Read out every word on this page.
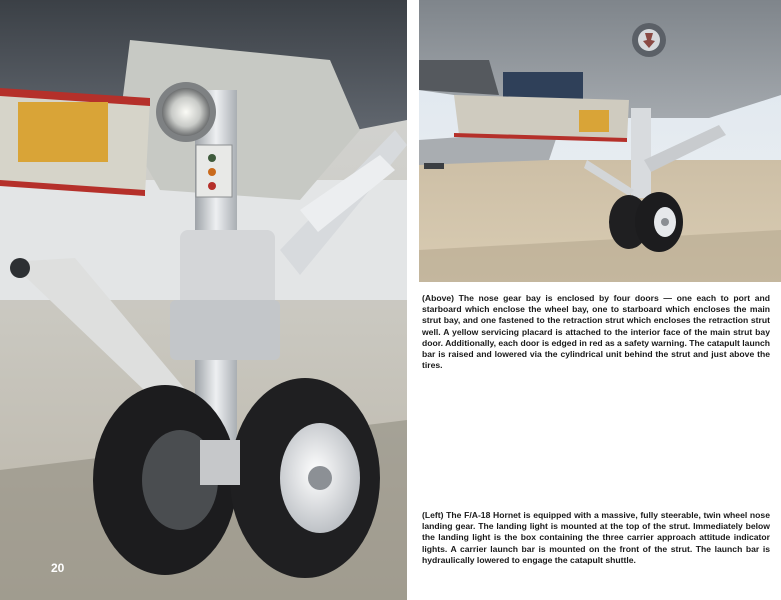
20
(Above) The nose gear bay is enclosed by four doors — one each to port and starboard which enclose the wheel bay, one to starboard which encloses the main strut bay, and one fastened to the retraction strut which encloses the retraction strut well. A yellow servicing placard is attached to the interior face of the main strut bay door. Additionally, each door is edged in red as a safety warning. The catapult launch bar is raised and lowered via the cylindrical unit behind the strut and just above the tires.
(Left) The F/A-18 Hornet is equipped with a massive, fully steerable, twin wheel nose landing gear. The landing light is mounted at the top of the strut. Immediately below the landing light is the box containing the three carrier approach attitude indicator lights. A carrier launch bar is mounted on the front of the strut. The launch bar is hydraulically lowered to engage the catapult shuttle.
